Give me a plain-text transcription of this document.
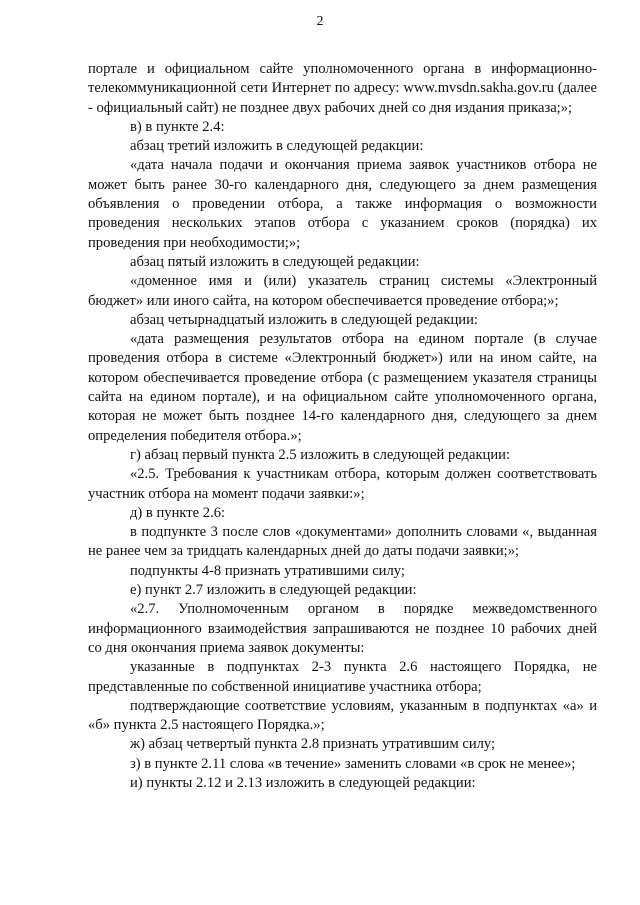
2

портале и официальном сайте уполномоченного органа в информационно-телекоммуникационной сети Интернет по адресу: www.mvsdn.sakha.gov.ru (далее - официальный сайт) не позднее двух рабочих дней со дня издания приказа;»;

в) в пункте 2.4:

абзац третий изложить в следующей редакции:

«дата начала подачи и окончания приема заявок участников отбора не может быть ранее 30-го календарного дня, следующего за днем размещения объявления о проведении отбора, а также информация о возможности проведения нескольких этапов отбора с указанием сроков (порядка) их проведения при необходимости;»;

абзац пятый изложить в следующей редакции:

«доменное имя и (или) указатель страниц системы «Электронный бюджет» или иного сайта, на котором обеспечивается проведение отбора;»;

абзац четырнадцатый изложить в следующей редакции:

«дата размещения результатов отбора на едином портале (в случае проведения отбора в системе «Электронный бюджет») или на ином сайте, на котором обеспечивается проведение отбора (с размещением указателя страницы сайта на едином портале), и на официальном сайте уполномоченного органа, которая не может быть позднее 14-го календарного дня, следующего за днем определения победителя отбора.»;

г) абзац первый пункта 2.5 изложить в следующей редакции:

«2.5. Требования к участникам отбора, которым должен соответствовать участник отбора на момент подачи заявки:»;

д) в пункте 2.6:

в подпункте 3 после слов «документами» дополнить словами «, выданная не ранее чем за тридцать календарных дней до даты подачи заявки;»;

подпункты 4-8 признать утратившими силу;

е) пункт 2.7 изложить в следующей редакции:

«2.7. Уполномоченным органом в порядке межведомственного информационного взаимодействия запрашиваются не позднее 10 рабочих дней со дня окончания приема заявок документы:

указанные в подпунктах 2-3 пункта 2.6 настоящего Порядка, не представленные по собственной инициативе участника отбора;

подтверждающие соответствие условиям, указанным в подпунктах «а» и «б» пункта 2.5 настоящего Порядка.»;

ж) абзац четвертый пункта 2.8 признать утратившим силу;

з) в пункте 2.11 слова «в течение» заменить словами «в срок не менее»;

и) пункты 2.12 и 2.13 изложить в следующей редакции:
